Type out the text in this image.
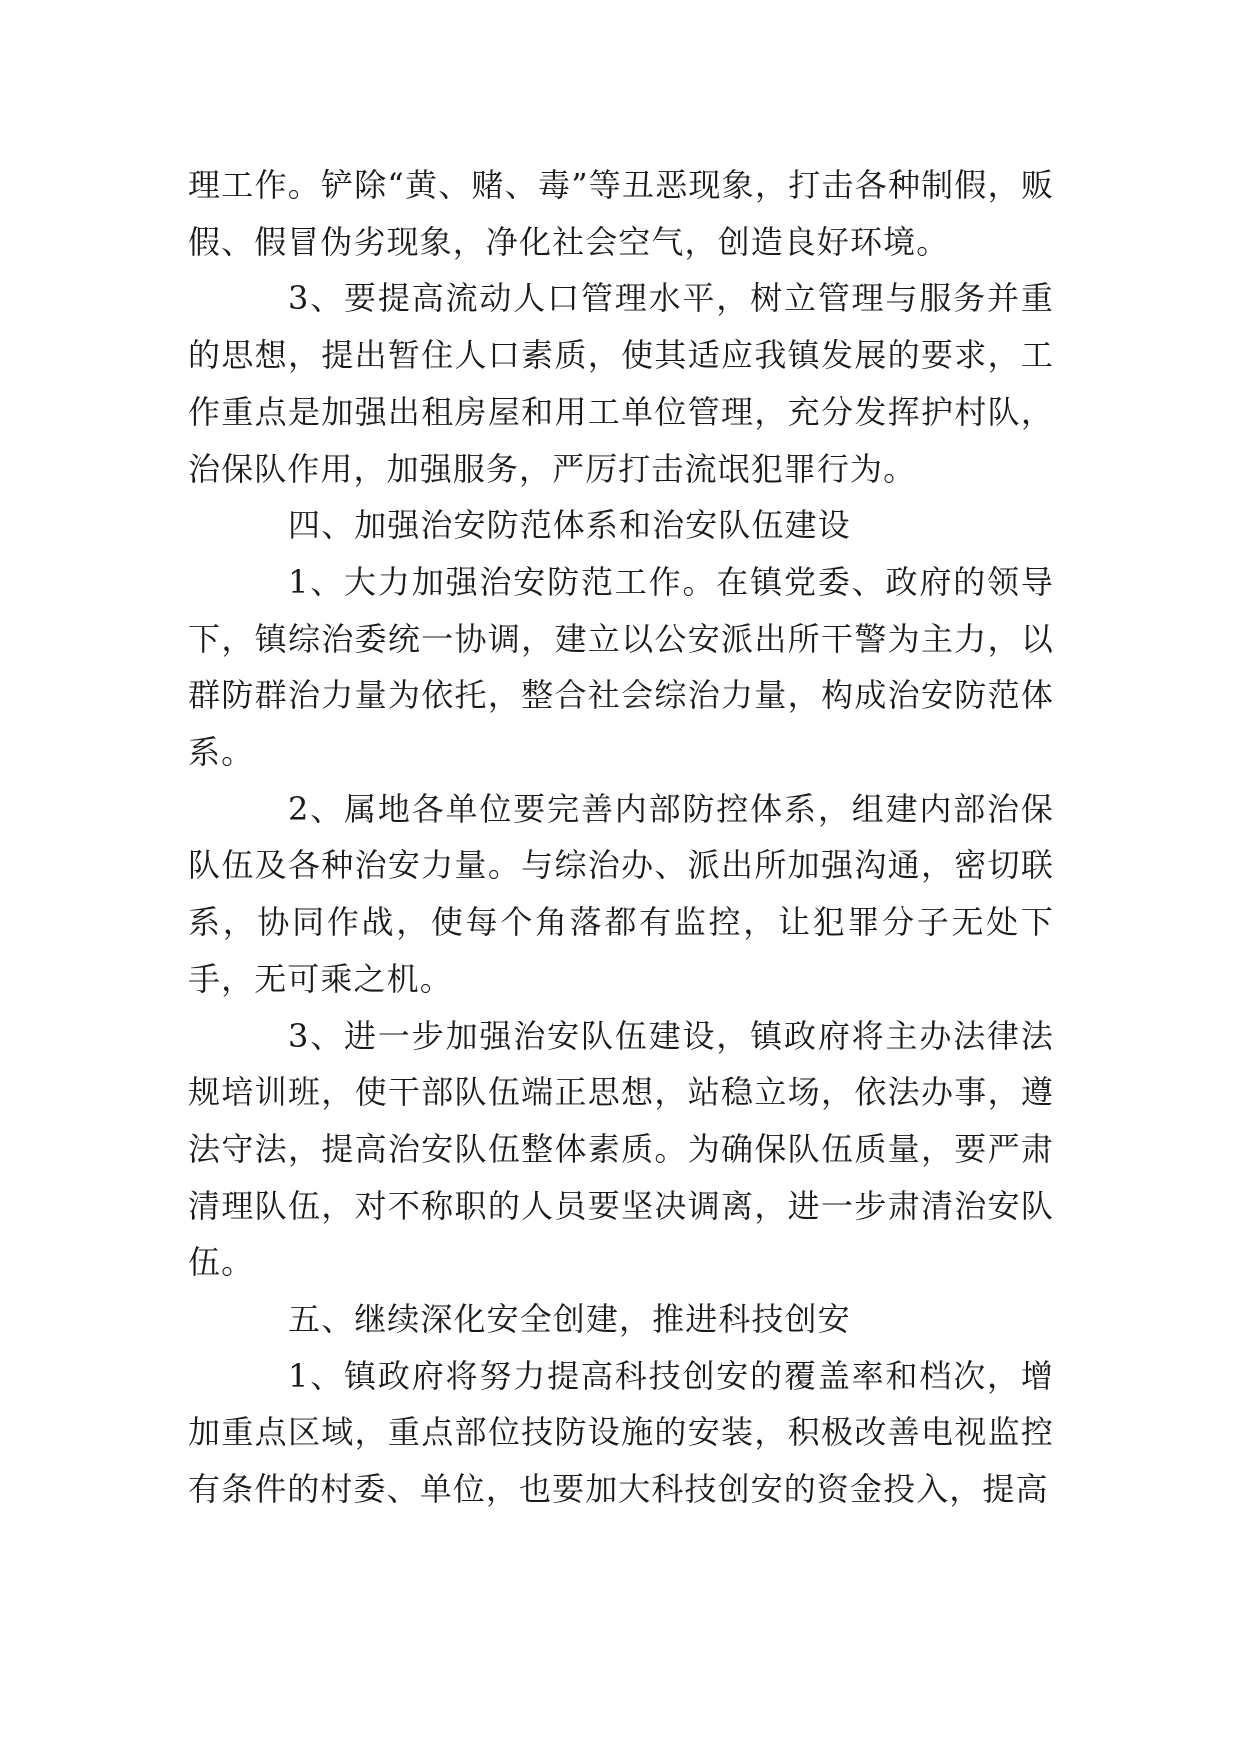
理工作。铲除“黄、赌、毒”等丑恶现象，打击各种制假，贩假、假冒伪劣现象，净化社会空气，创造良好环境。

3、要提高流动人口管理水平，树立管理与服务并重的思想，提出暂住人口素质，使其适应我镇发展的要求，工作重点是加强出租房屋和用工单位管理，充分发挥护村队，治保队作用，加强服务，严厉打击流氓犯罪行为。

四、加强治安防范体系和治安队伍建设

1、大力加强治安防范工作。在镇党委、政府的领导下，镇综治委统一协调，建立以公安派出所干警为主力，以群防群治力量为依托，整合社会综治力量，构成治安防范体系。

2、属地各单位要完善内部防控体系，组建内部治保队伍及各种治安力量。与综治办、派出所加强沟通，密切联系，协同作战，使每个角落都有监控，让犯罪分子无处下手，无可乘之机。

3、进一步加强治安队伍建设，镇政府将主办法律法规培训班，使干部队伍端正思想，站稳立场，依法办事，遵法守法，提高治安队伍整体素质。为确保队伍质量，要严肃清理队伍，对不称职的人员要坚决调离，进一步肃清治安队伍。

五、继续深化安全创建，推进科技创安

1、镇政府将努力提高科技创安的覆盖率和档次，增加重点区域，重点部位技防设施的安装，积极改善电视监控有条件的村委、单位，也要加大科技创安的资金投入，提高
